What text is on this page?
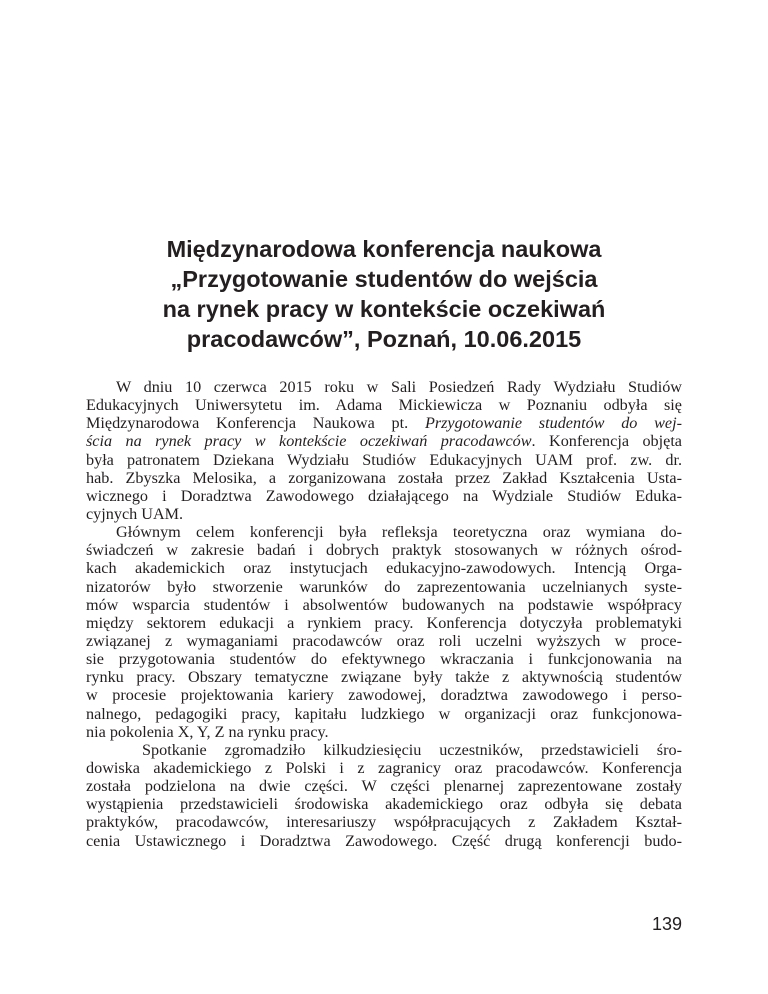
Międzynarodowa konferencja naukowa
„Przygotowanie studentów do wejścia
na rynek pracy w kontekście oczekiwań
pracodawców”, Poznań, 10.06.2015
W dniu 10 czerwca 2015 roku w Sali Posiedzeń Rady Wydziału Studiów
Edukacyjnych Uniwersytetu im. Adama Mickiewicza w Poznaniu odbyła się
Międzynarodowa Konferencja Naukowa pt. Przygotowanie studentów do wej-
ścia na rynek pracy w kontekście oczekiwań pracodawców. Konferencja objęta
była patronatem Dziekana Wydziału Studiów Edukacyjnych UAM prof. zw. dr.
hab. Zbyszka Melosika, a zorganizowana została przez Zakład Kształcenia Usta-
wicznego i Doradztwa Zawodowego działającego na Wydziale Studiów Eduka-
cyjnych UAM.
Głównym celem konferencji była refleksja teoretyczna oraz wymiana do-
świadczeń w zakresie badań i dobrych praktyk stosowanych w różnych ośrod-
kach akademickich oraz instytucjach edukacyjno-zawodowych. Intencją Orga-
nizatorów było stworzenie warunków do zaprezentowania uczelnianych syste-
mów wsparcia studentów i absolwentów budowanych na podstawie współpracy
między sektorem edukacji a rynkiem pracy. Konferencja dotyczyła problematyki
związanej z wymaganiami pracodawców oraz roli uczelni wyższych w proce-
sie przygotowania studentów do efektywnego wkraczania i funkcjonowania na
rynku pracy. Obszary tematyczne związane były także z aktywnością studentów
w procesie projektowania kariery zawodowej, doradztwa zawodowego i perso-
nalnego, pedagogiki pracy, kapitału ludzkiego w organizacji oraz funkcjonowa-
nia pokolenia X, Y, Z na rynku pracy.
Spotkanie zgromadziło kilkudziesięciu uczestników, przedstawicieli śro-
dowiska akademickiego z Polski i z zagranicy oraz pracodawców. Konferencja
została podzielona na dwie części. W części plenarnej zaprezentowane zostały
wystąpienia przedstawicieli środowiska akademickiego oraz odbyła się debata
praktyków, pracodawców, interesariuszy współpracujących z Zakładem Kształ-
cenia Ustawicznego i Doradztwa Zawodowego. Część drugą konferencji budo-
139
